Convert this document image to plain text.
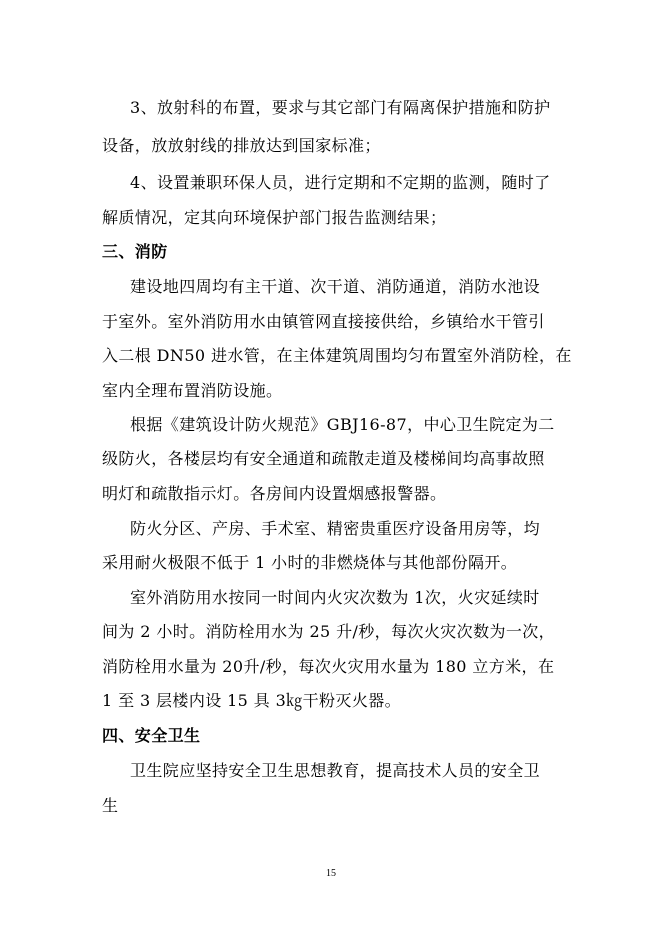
3、放射科的布置，要求与其它部门有隔离保护措施和防护
设备，放放射线的排放达到国家标准；
4、设置兼职环保人员，进行定期和不定期的监测，随时了
解质情况，定其向环境保护部门报告监测结果；
三、消防
建设地四周均有主干道、次干道、消防通道，消防水池设
于室外。室外消防用水由镇管网直接接供给，乡镇给水干管引
入二根 DN50 进水管，在主体建筑周围均匀布置室外消防栓，在
室内全理布置消防设施。
根据《建筑设计防火规范》GBJ16-87，中心卫生院定为二
级防火，各楼层均有安全通道和疏散走道及楼梯间均高事故照
明灯和疏散指示灯。各房间内设置烟感报警器。
防火分区、产房、手术室、精密贵重医疗设备用房等，均
采用耐火极限不低于 1 小时的非燃烧体与其他部份隔开。
室外消防用水按同一时间内火灾次数为 1次，火灾延续时
间为 2 小时。消防栓用水为 25 升/秒，每次火灾次数为一次，
消防栓用水量为 20升/秒，每次火灾用水量为 180 立方米，在
1 至 3 层楼内设 15 具 3㎏干粉灭火器。
四、安全卫生
卫生院应坚持安全卫生思想教育，提高技术人员的安全卫
生
15
